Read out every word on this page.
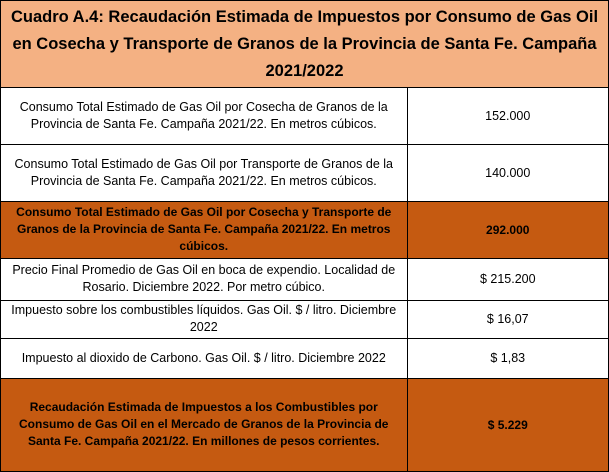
Cuadro A.4: Recaudación Estimada de Impuestos por Consumo de Gas Oil en Cosecha y Transporte de Granos de la Provincia de Santa Fe. Campaña 2021/2022
Consumo Total Estimado de Gas Oil por Cosecha de Granos de la Provincia de Santa Fe. Campaña 2021/22. En metros cúbicos.	152.000
Consumo Total Estimado de Gas Oil por Transporte de Granos de la Provincia de Santa Fe. Campaña 2021/22. En metros cúbicos.	140.000
Consumo Total Estimado de Gas Oil por Cosecha y Transporte de Granos de la Provincia de Santa Fe. Campaña 2021/22. En metros cúbicos.	292.000
Precio Final Promedio de Gas Oil en boca de expendio. Localidad de Rosario. Diciembre 2022. Por metro cúbico.	$ 215.200
Impuesto sobre los combustibles líquidos. Gas Oil. $ / litro. Diciembre 2022	$ 16,07
Impuesto al dioxido de Carbono. Gas Oil. $ / litro. Diciembre 2022	$ 1,83
Recaudación Estimada de Impuestos a los Combustibles por Consumo de Gas Oil en el Mercado de Granos de la Provincia de Santa Fe. Campaña 2021/22. En millones de pesos corrientes.	$ 5.229
